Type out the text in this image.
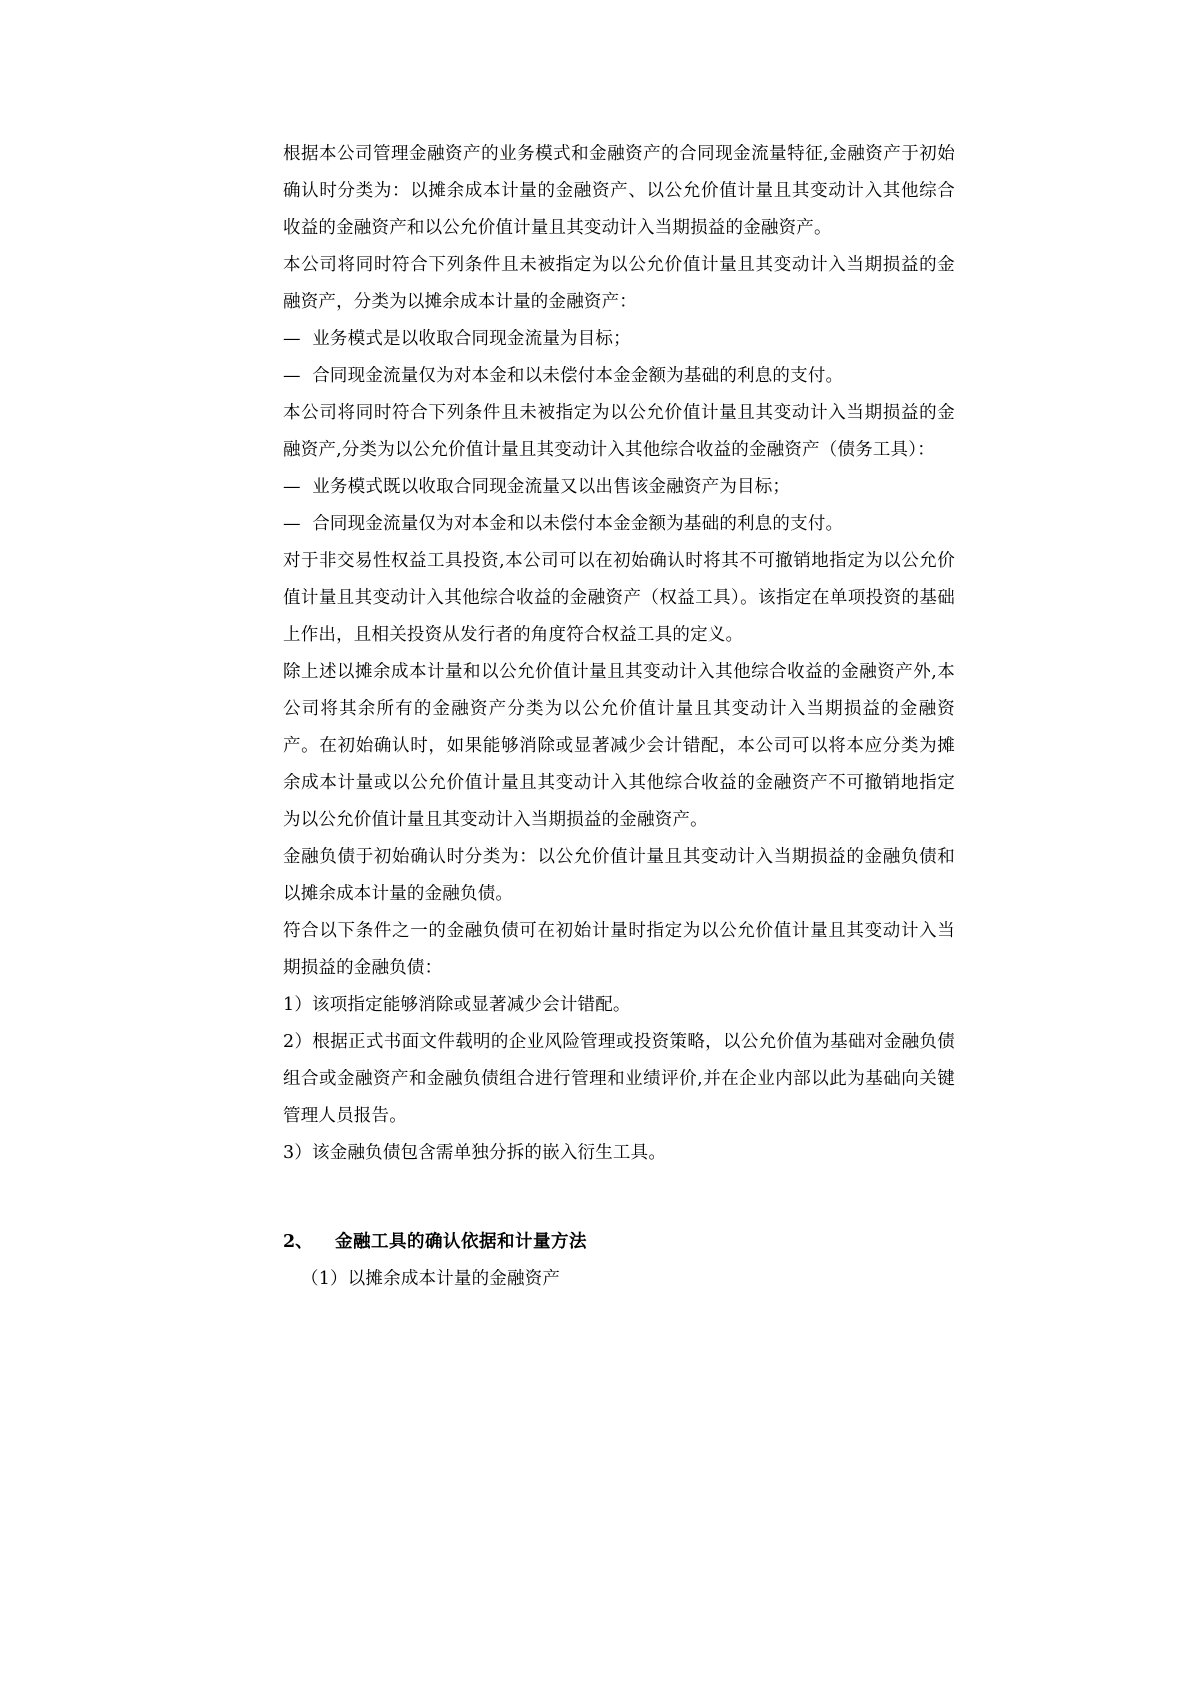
根据本公司管理金融资产的业务模式和金融资产的合同现金流量特征,金融资产于初始确认时分类为：以摊余成本计量的金融资产、以公允价值计量且其变动计入其他综合收益的金融资产和以公允价值计量且其变动计入当期损益的金融资产。

本公司将同时符合下列条件且未被指定为以公允价值计量且其变动计入当期损益的金融资产，分类为以摊余成本计量的金融资产：

— 业务模式是以收取合同现金流量为目标；

— 合同现金流量仅为对本金和以未偿付本金金额为基础的利息的支付。

本公司将同时符合下列条件且未被指定为以公允价值计量且其变动计入当期损益的金融资产,分类为以公允价值计量且其变动计入其他综合收益的金融资产（债务工具）：

— 业务模式既以收取合同现金流量又以出售该金融资产为目标；

— 合同现金流量仅为对本金和以未偿付本金金额为基础的利息的支付。

对于非交易性权益工具投资,本公司可以在初始确认时将其不可撤销地指定为以公允价值计量且其变动计入其他综合收益的金融资产（权益工具）。该指定在单项投资的基础上作出，且相关投资从发行者的角度符合权益工具的定义。

除上述以摊余成本计量和以公允价值计量且其变动计入其他综合收益的金融资产外,本公司将其余所有的金融资产分类为以公允价值计量且其变动计入当期损益的金融资产。在初始确认时，如果能够消除或显著减少会计错配，本公司可以将本应分类为摊余成本计量或以公允价值计量且其变动计入其他综合收益的金融资产不可撤销地指定为以公允价值计量且其变动计入当期损益的金融资产。

金融负债于初始确认时分类为：以公允价值计量且其变动计入当期损益的金融负债和以摊余成本计量的金融负债。

符合以下条件之一的金融负债可在初始计量时指定为以公允价值计量且其变动计入当期损益的金融负债：

1）该项指定能够消除或显著减少会计错配。

2）根据正式书面文件载明的企业风险管理或投资策略，以公允价值为基础对金融负债组合或金融资产和金融负债组合进行管理和业绩评价,并在企业内部以此为基础向关键管理人员报告。

3）该金融负债包含需单独分拆的嵌入衍生工具。

2、	金融工具的确认依据和计量方法

（1）以摊余成本计量的金融资产
